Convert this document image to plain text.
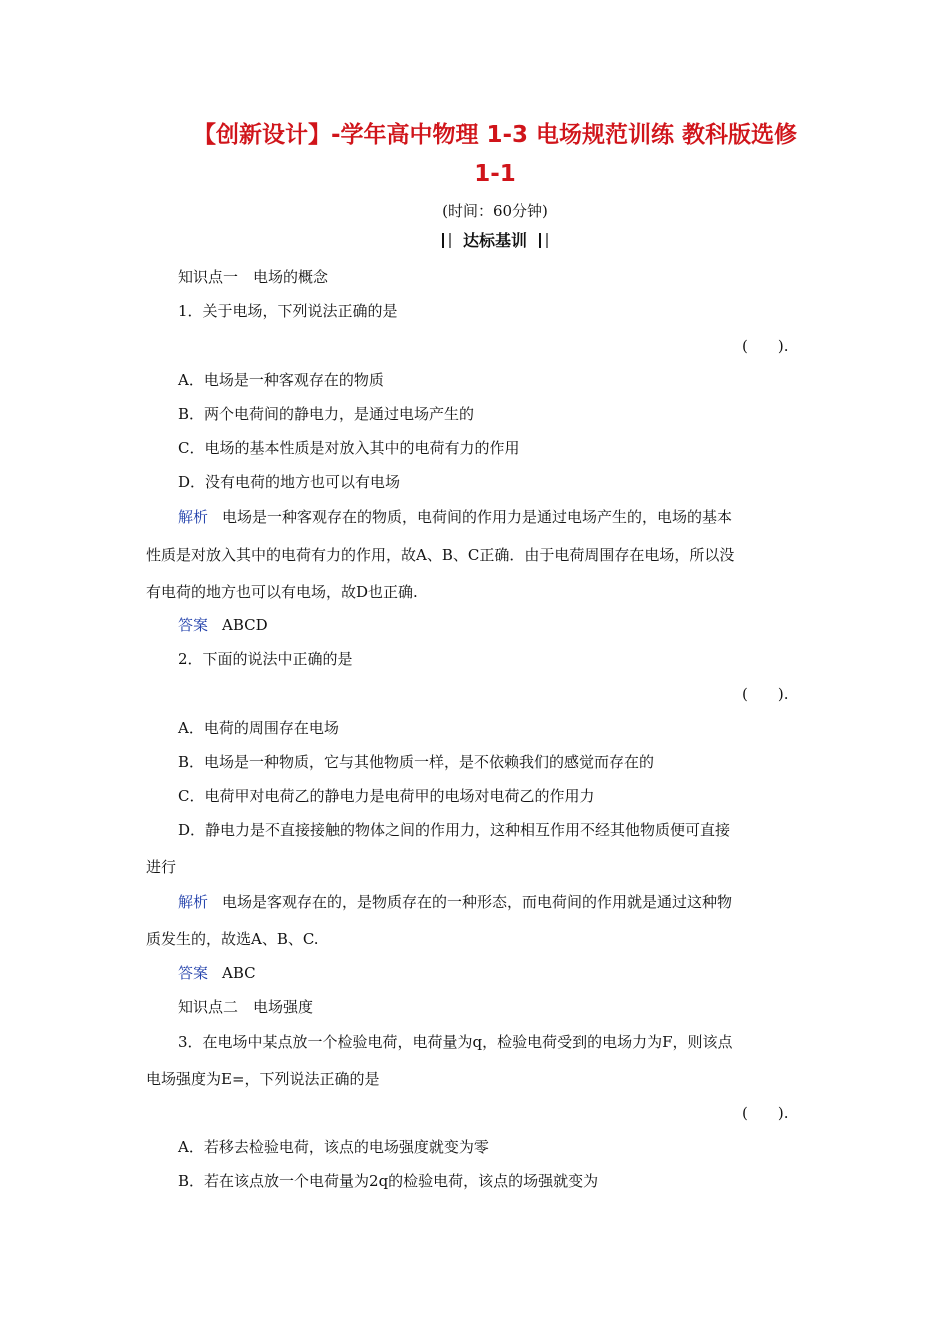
【创新设计】-学年高中物理 1-3 电场规范训练 教科版选修
1-1
(时间：60分钟)
达标基训
知识点一　电场的概念
1．关于电场，下列说法正确的是
(　　).
A．电场是一种客观存在的物质
B．两个电荷间的静电力，是通过电场产生的
C．电场的基本性质是对放入其中的电荷有力的作用
D．没有电荷的地方也可以有电场
解析 电场是一种客观存在的物质，电荷间的作用力是通过电场产生的，电场的基本
性质是对放入其中的电荷有力的作用，故A、B、C正确．由于电荷周围存在电场，所以没
有电荷的地方也可以有电场，故D也正确.
答案 ABCD
2．下面的说法中正确的是
(　　).
A．电荷的周围存在电场
B．电场是一种物质，它与其他物质一样，是不依赖我们的感觉而存在的
C．电荷甲对电荷乙的静电力是电荷甲的电场对电荷乙的作用力
D．静电力是不直接接触的物体之间的作用力，这种相互作用不经其他物质便可直接
进行
解析 电场是客观存在的，是物质存在的一种形态，而电荷间的作用就是通过这种物
质发生的，故选A、B、C.
答案 ABC
知识点二　电场强度
3．在电场中某点放一个检验电荷，电荷量为q，检验电荷受到的电场力为F，则该点
电场强度为E=，下列说法正确的是
(　　).
A．若移去检验电荷，该点的电场强度就变为零
B．若在该点放一个电荷量为2q的检验电荷，该点的场强就变为
